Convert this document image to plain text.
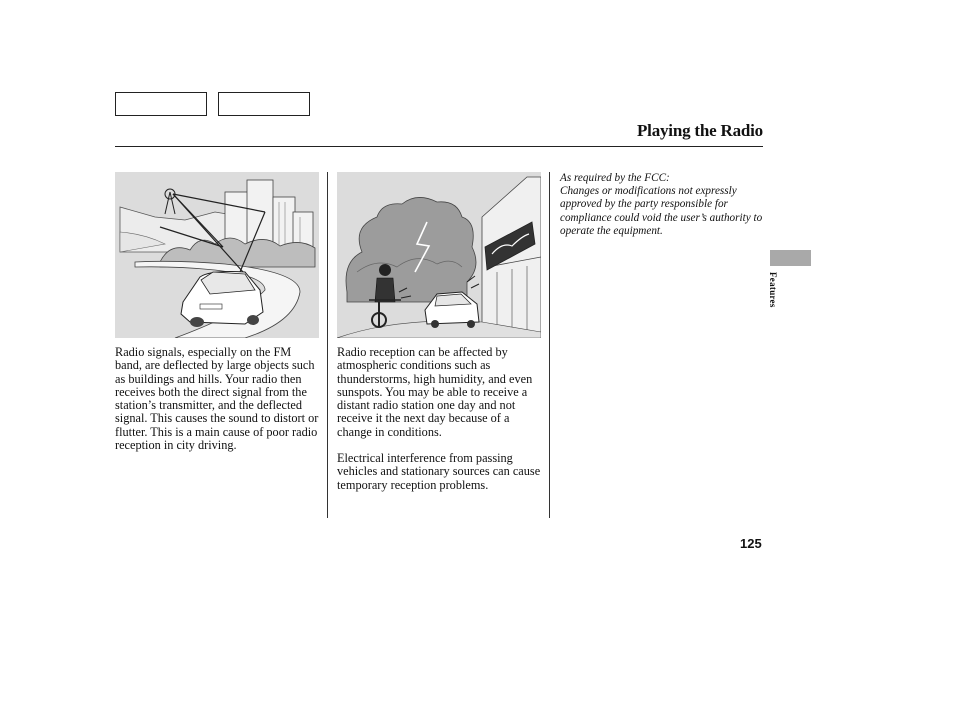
Playing the Radio

Radio signals, especially on the FM band, are deflected by large objects such as buildings and hills. Your radio then receives both the direct signal from the station’s transmitter, and the deflected signal. This causes the sound to distort or flutter. This is a main cause of poor radio reception in city driving.

Radio reception can be affected by atmospheric conditions such as thunderstorms, high humidity, and even sunspots. You may be able to receive a distant radio station one day and not receive it the next day because of a change in conditions.

Electrical interference from passing vehicles and stationary sources can cause temporary reception problems.

As required by the FCC:
Changes or modifications not expressly approved by the party responsible for compliance could void the user’s authority to operate the equipment.
Features
125
